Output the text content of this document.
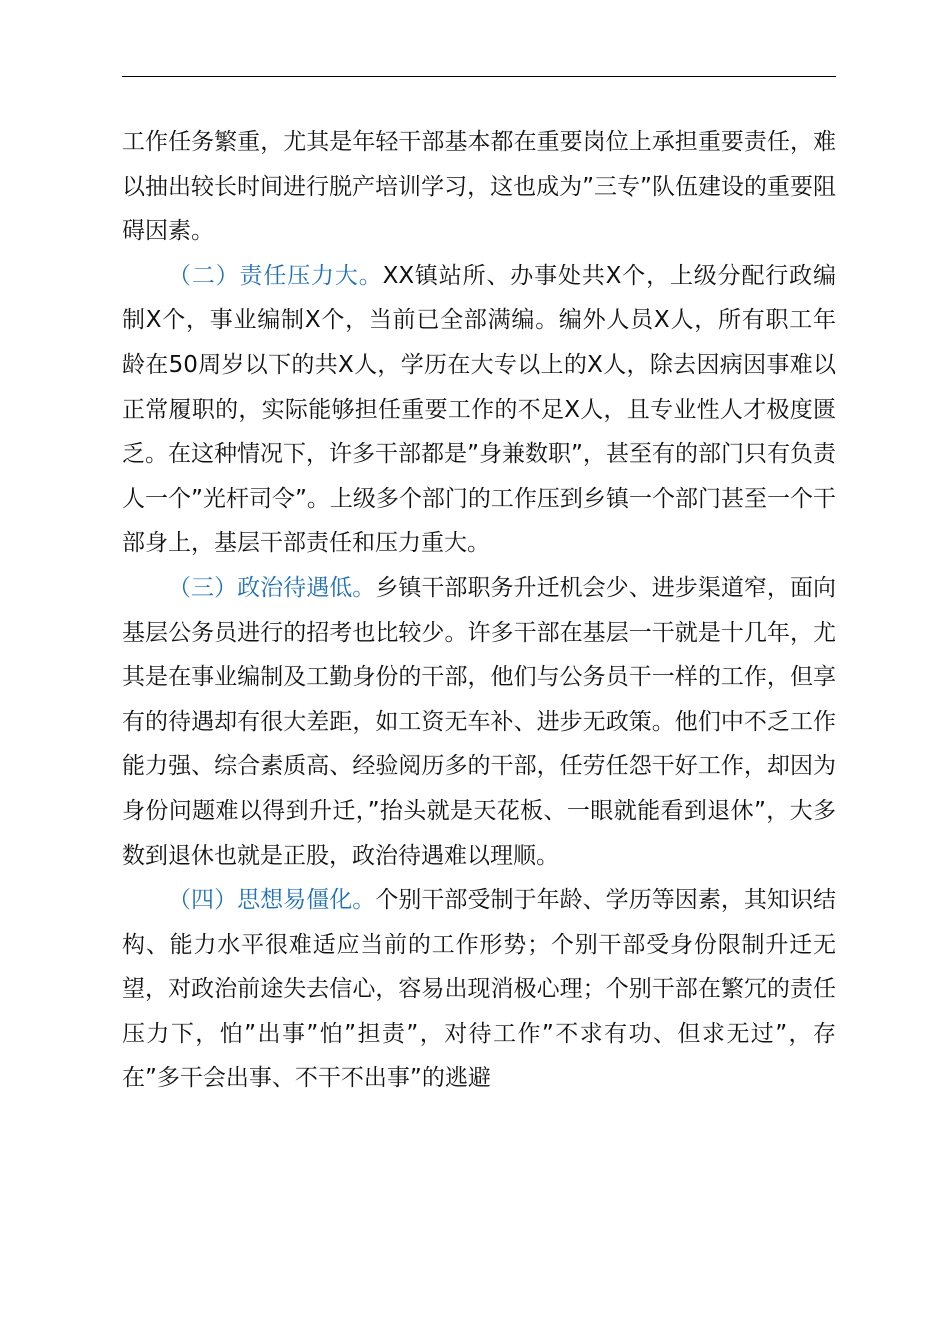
工作任务繁重，尤其是年轻干部基本都在重要岗位上承担重要责任，难以抽出较长时间进行脱产培训学习，这也成为”三专”队伍建设的重要阻碍因素。

（二）责任压力大。XX镇站所、办事处共X个，上级分配行政编制X个，事业编制X个，当前已全部满编。编外人员X人，所有职工年龄在50周岁以下的共X人，学历在大专以上的X人，除去因病因事难以正常履职的，实际能够担任重要工作的不足X人，且专业性人才极度匮乏。在这种情况下，许多干部都是”身兼数职”，甚至有的部门只有负责人一个”光杆司令”。上级多个部门的工作压到乡镇一个部门甚至一个干部身上，基层干部责任和压力重大。

（三）政治待遇低。乡镇干部职务升迁机会少、进步渠道窄，面向基层公务员进行的招考也比较少。许多干部在基层一干就是十几年，尤其是在事业编制及工勤身份的干部，他们与公务员干一样的工作，但享有的待遇却有很大差距，如工资无车补、进步无政策。他们中不乏工作能力强、综合素质高、经验阅历多的干部，任劳任怨干好工作，却因为身份问题难以得到升迁，”抬头就是天花板、一眼就能看到退休”，大多数到退休也就是正股，政治待遇难以理顺。

（四）思想易僵化。个别干部受制于年龄、学历等因素，其知识结构、能力水平很难适应当前的工作形势；个别干部受身份限制升迁无望，对政治前途失去信心，容易出现消极心理；个别干部在繁冗的责任压力下，怕”出事”怕”担责”，对待工作”不求有功、但求无过”，存在”多干会出事、不干不出事”的逃避
